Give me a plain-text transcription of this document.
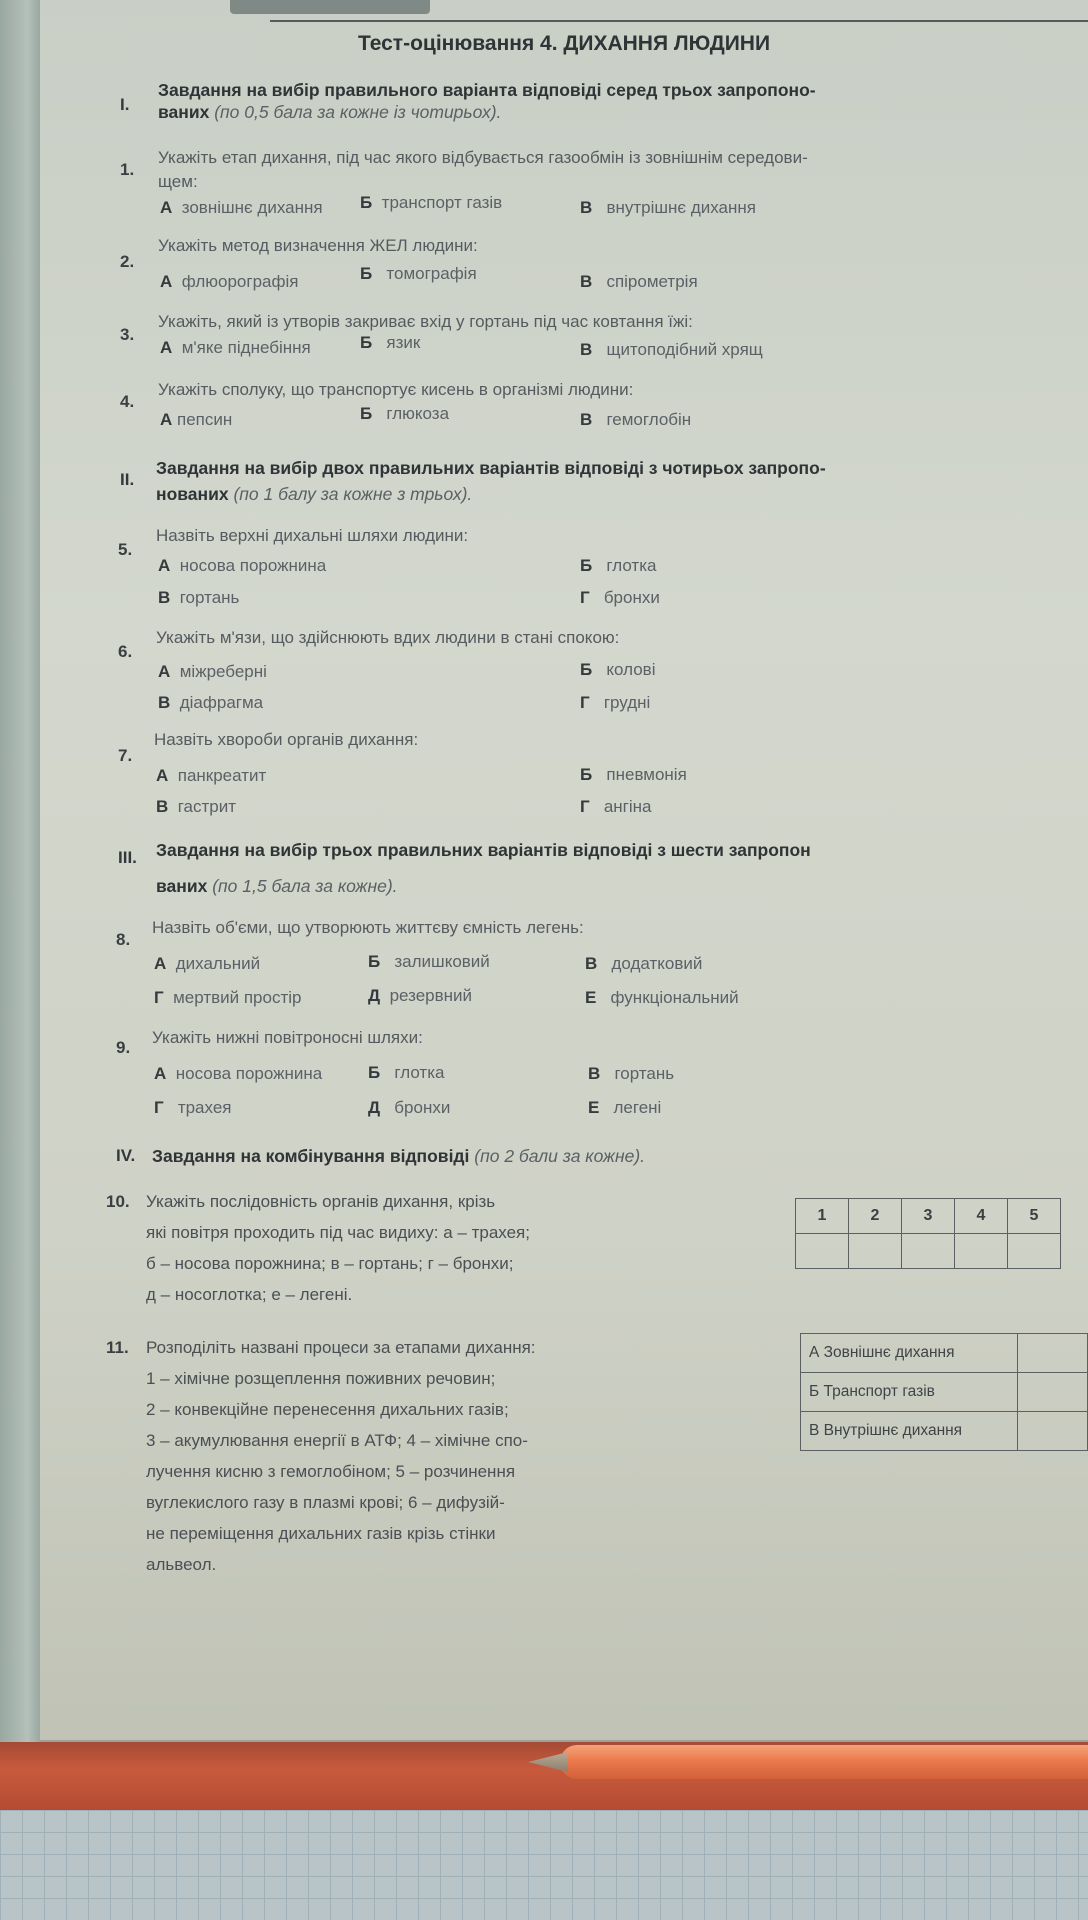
Тест-оцінювання 4. ДИХАННЯ ЛЮДИНИ
І.
Завдання на вибір правильного варіанта відповіді серед трьох запропоно-
ваних (по 0,5 бала за кожне із чотирьох).
1.
Укажіть етап дихання, під час якого відбувається газообмін із зовнішнім середови-
щем:
А зовнішнє дихання Б транспорт газів	В внутрішнє дихання
2.
Укажіть метод визначення ЖЕЛ людини:
А флюорографія	Б томографія	В спірометрія
3.
Укажіть, який із утворів закриває вхід у гортань під час ковтання їжі:
А м'яке піднебіння	Б язик	В щитоподібний хрящ
4.
Укажіть сполуку, що транспортує кисень в організмі людини:
А пепсин	Б глюкоза	В гемоглобін
ІІ.
Завдання на вибір двох правильних варіантів відповіді з чотирьох запропо-
нованих (по 1 балу за кожне з трьох).
5.
Назвіть верхні дихальні шляхи людини:
А носова порожнина	Б глотка
В гортань	Г бронхи
6.
Укажіть м'язи, що здійснюють вдих людини в стані спокою:
А міжреберні	Б колові
В діафрагма	Г грудні
7.
Назвіть хвороби органів дихання:
А панкреатит	Б пневмонія
В гастрит	Г ангіна
ІІІ. Завдання на вибір трьох правильних варіантів відповіді з шести запропон
ваних (по 1,5 бала за кожне).
8.
Назвіть об'єми, що утворюють життєву ємність легень:
А дихальний	Б залишковий	В додатковий
Г мертвий простір	Д резервний	Е функціональний
9.
Укажіть нижні повітроносні шляхи:
А носова порожнина	Б глотка	В гортань
Г трахея	Д бронхи	Е легені
IV. Завдання на комбінування відповіді (по 2 бали за кожне).
10. Укажіть послідовність органів дихання, крізь
які повітря проходить під час видиху: а – трахея;
б – носова порожнина; в – гортань; г – бронхи;
д – носоглотка; е – легені.
1	2	3	4	5

11. Розподіліть названі процеси за етапами дихання:
1 – хімічне розщеплення поживних речовин;
2 – конвекційне перенесення дихальних газів;
3 – акумулювання енергії в АТФ; 4 – хімічне спо-
лучення кисню з гемоглобіном; 5 – розчинення
вуглекислого газу в плазмі крові; 6 – дифузій-
не переміщення дихальних газів крізь стінки
альвеол.
А Зовнішнє дихання	
Б Транспорт газів	
В Внутрішнє дихання	
